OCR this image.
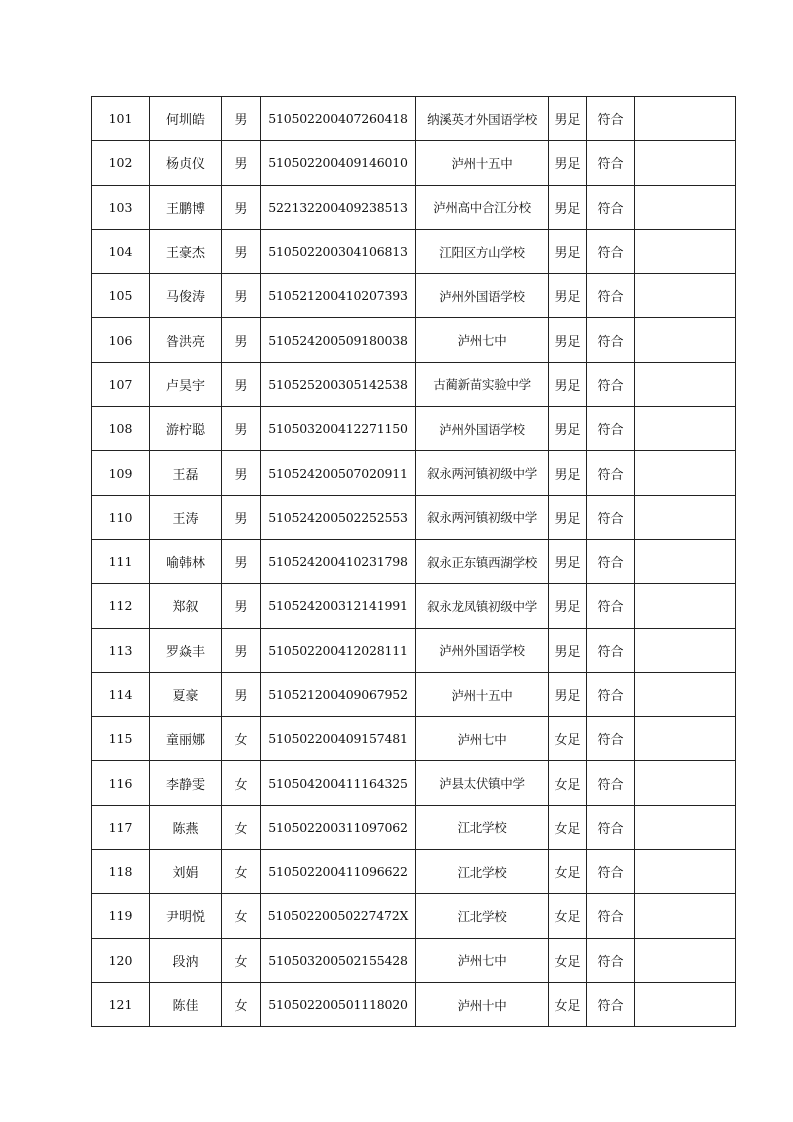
101	何圳皓	男	510502200407260418	纳溪英才外国语学校	男足	符合	
102	杨贞仪	男	510502200409146010	泸州十五中	男足	符合	
103	王鹏博	男	522132200409238513	泸州高中合江分校	男足	符合	
104	王豪杰	男	510502200304106813	江阳区方山学校	男足	符合	
105	马俊涛	男	510521200410207393	泸州外国语学校	男足	符合	
106	昝洪亮	男	510524200509180038	泸州七中	男足	符合	
107	卢昊宇	男	510525200305142538	古蔺新苗实验中学	男足	符合	
108	游柠聪	男	510503200412271150	泸州外国语学校	男足	符合	
109	王磊	男	510524200507020911	叙永两河镇初级中学	男足	符合	
110	王涛	男	510524200502252553	叙永两河镇初级中学	男足	符合	
111	喻韩林	男	510524200410231798	叙永正东镇西湖学校	男足	符合	
112	郑叙	男	510524200312141991	叙永龙凤镇初级中学	男足	符合	
113	罗焱丰	男	510502200412028111	泸州外国语学校	男足	符合	
114	夏豪	男	510521200409067952	泸州十五中	男足	符合	
115	童丽娜	女	510502200409157481	泸州七中	女足	符合	
116	李静雯	女	510504200411164325	泸县太伏镇中学	女足	符合	
117	陈燕	女	510502200311097062	江北学校	女足	符合	
118	刘娟	女	510502200411096622	江北学校	女足	符合	
119	尹明悦	女	51050220050227472X	江北学校	女足	符合	
120	段汭	女	510503200502155428	泸州七中	女足	符合	
121	陈佳	女	510502200501118020	泸州十中	女足	符合	
